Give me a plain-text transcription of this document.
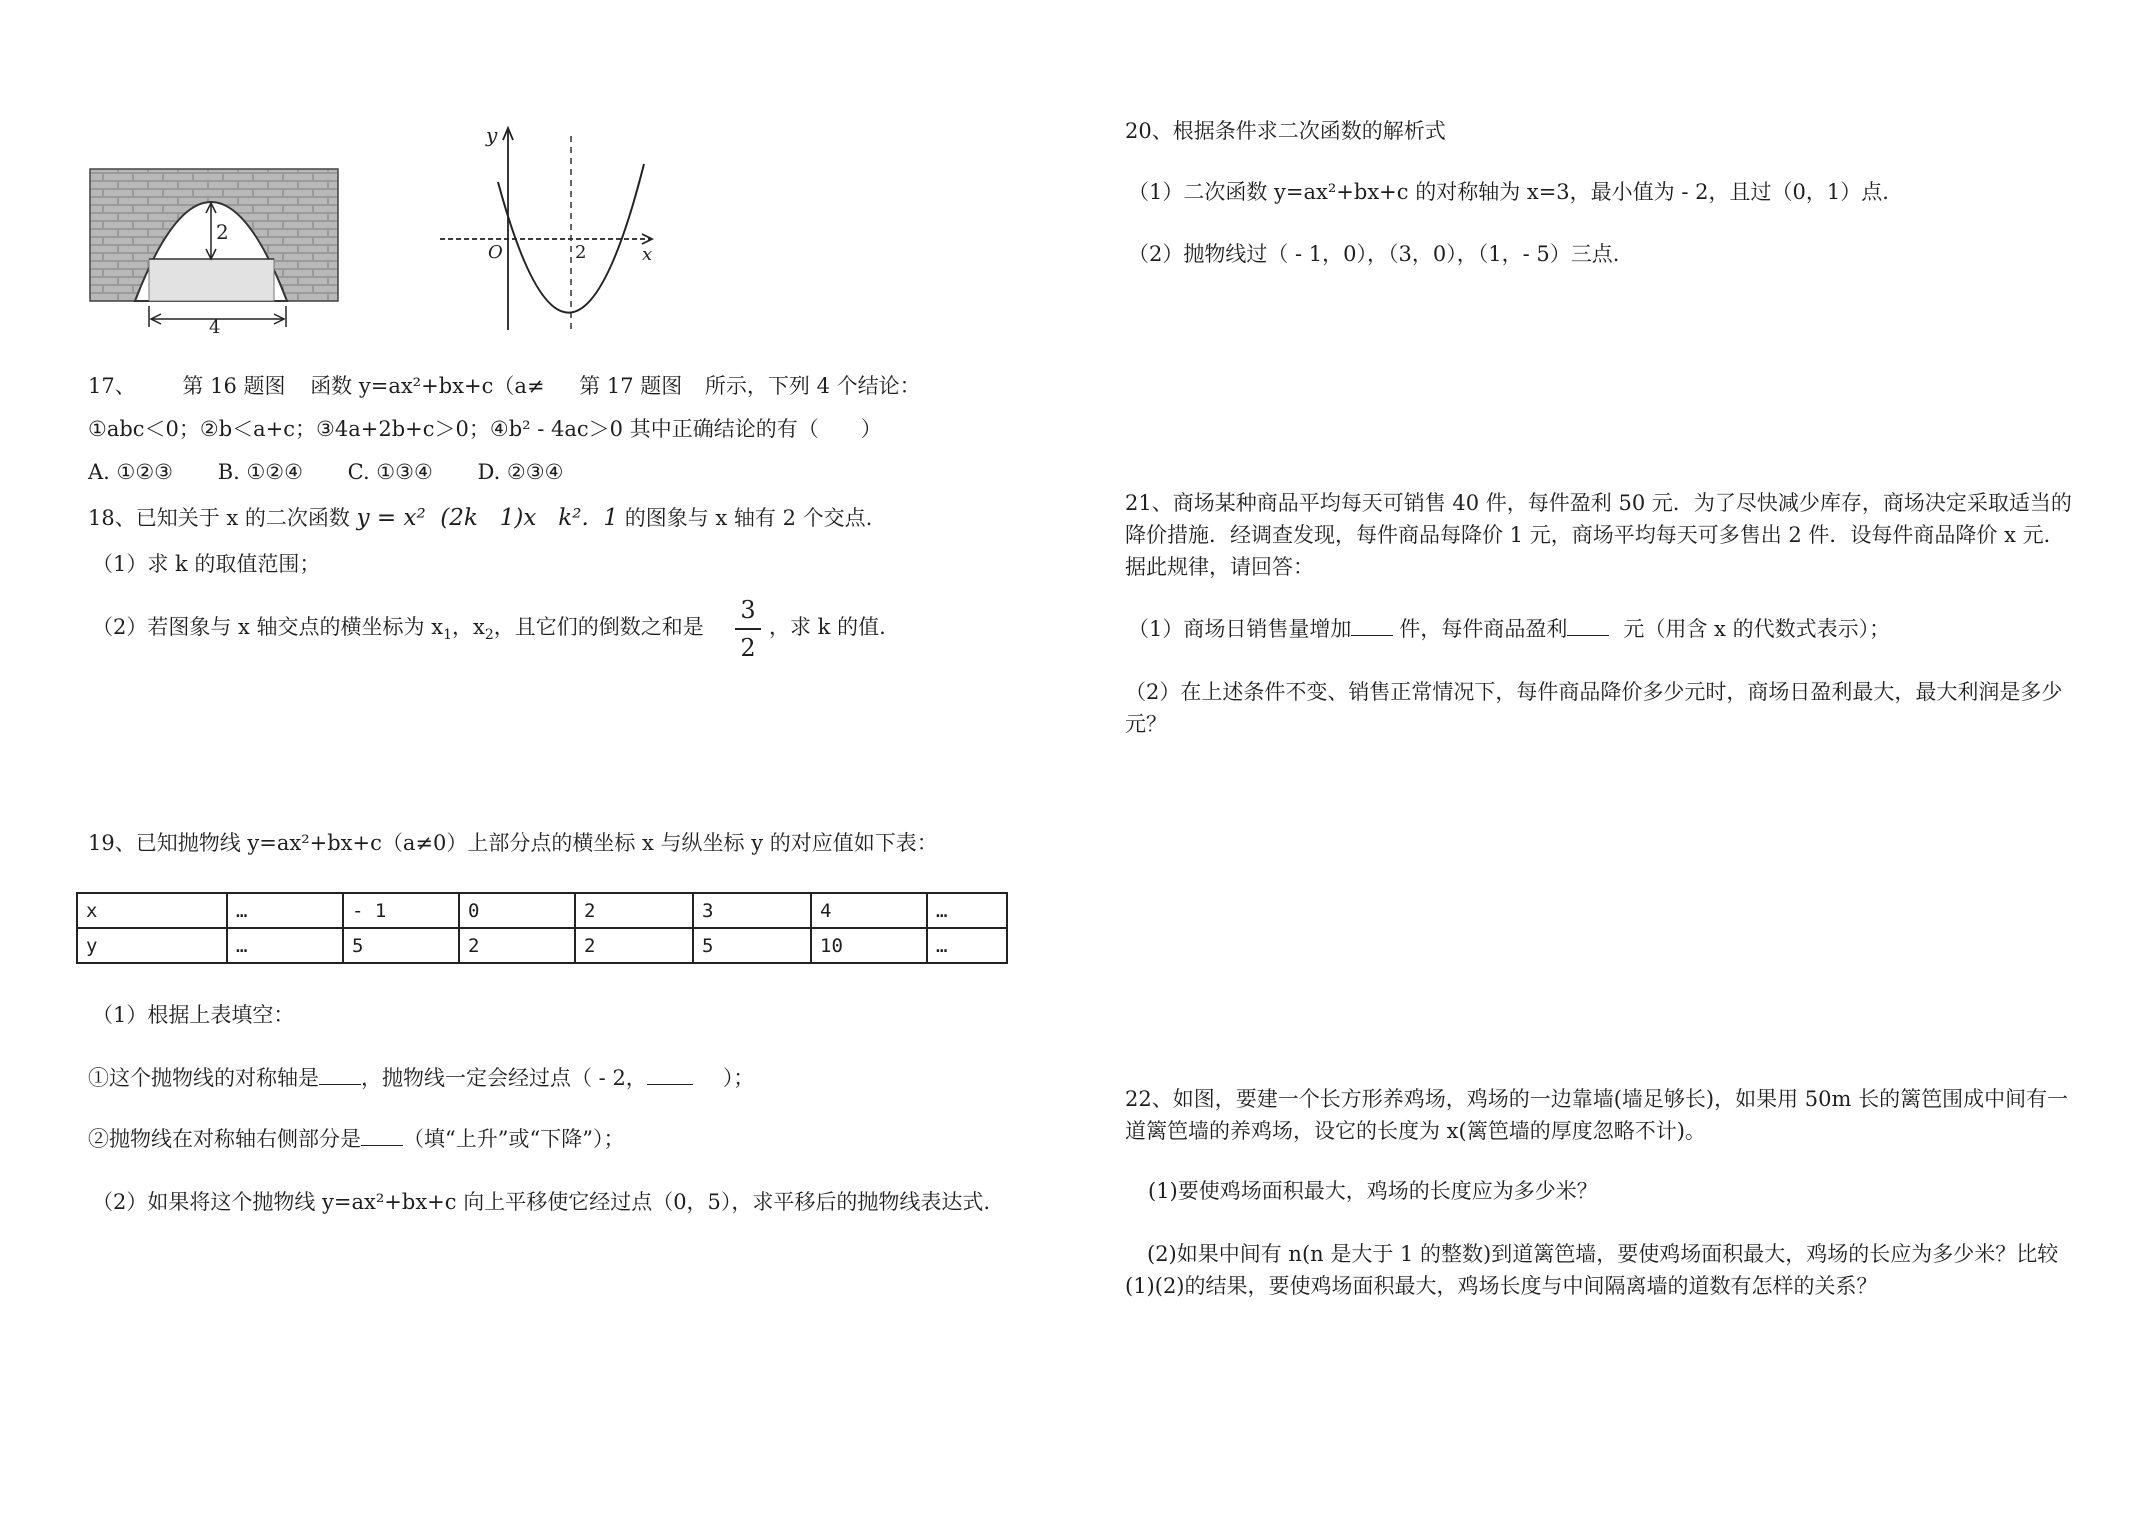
2
4
y
x
O	2
17、 第 16 题图 函数 y=ax²+bx+c（a≠ 第 17 题图 所示，下列 4 个结论：
①abc＜0；②b＜a+c；③4a+2b+c＞0；④b² - 4ac＞0 其中正确结论的有（　　）
A. ①②③ B. ①②④ C. ①③④ D. ②③④
18、已知关于 x 的二次函数 y = x²  (2k   1)x   k².  1 的图象与 x 轴有 2 个交点.
（1）求 k 的取值范围；
（2）若图象与 x 轴交点的横坐标为 $x_1$，$x_2$，且它们的倒数之和是
3
2
，求 k 的值.
19、已知抛物线 y=ax²+bx+c（a≠0）上部分点的横坐标 x 与纵坐标 y 的对应值如下表：
x	…	- 1	0	2	3	4	…
y	…	5	2	2	5	10	…
（1）根据上表填空：
①这个抛物线的对称轴是 ，抛物线一定会经过点（ - 2，	）；
②抛物线在对称轴右侧部分是 （填“上升”或“下降”）；
（2）如果将这个抛物线 y=ax²+bx+c 向上平移使它经过点（0，5），求平移后的抛物线表达式.
20、根据条件求二次函数的解析式
（1）二次函数 y=ax²+bx+c 的对称轴为 x=3，最小值为 - 2，且过（0，1）点.
（2）抛物线过（ - 1，0），（3，0），（1，- 5）三点.
21、商场某种商品平均每天可销售 40 件，每件盈利 50 元．为了尽快减少库存，商场决定采取适当的降价措施．经调查发现，每件商品每降价 1 元，商场平均每天可多售出 2 件．设每件商品降价 x 元．据此规律，请回答：
（1）商场日销售量增加 件，每件商品盈利	元（用含 x 的代数式表示）；
（2）在上述条件不变、销售正常情况下，每件商品降价多少元时，商场日盈利最大，最大利润是多少元？
22、如图，要建一个长方形养鸡场，鸡场的一边靠墙(墙足够长)，如果用 50m 长的篱笆围成中间有一道篱笆墙的养鸡场，设它的长度为 x(篱笆墙的厚度忽略不计)。
(1)要使鸡场面积最大，鸡场的长度应为多少米？
(2)如果中间有 n(n 是大于 1 的整数)到道篱笆墙，要使鸡场面积最大，鸡场的长应为多少米？比较(1)(2)的结果，要使鸡场面积最大，鸡场长度与中间隔离墙的道数有怎样的关系？
